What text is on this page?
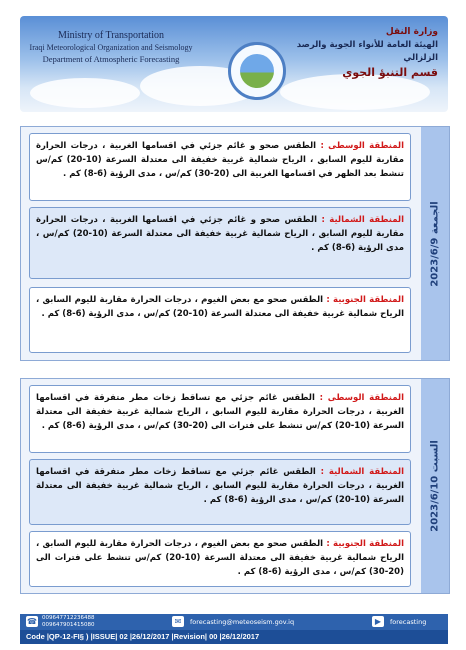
Ministry of Transportation
Iraqi Meteorological Organization and Seismology
Department of Atmospheric Forecasting
وزارة النقل
الهيئة العامة للأنواء الجوية والرصد الزلزالي
قسم التنبؤ الجوي
المنطقة الوسطى : الطقس صحو و غائم جزئي في اقسامها الغربية ، درجات الحرارة مقاربة لليوم السابق ، الرياح شمالية غربية خفيفة الى معتدلة السرعة (10-20) كم/س تنشط بعد الظهر في اقسامها الغربية الى (20-30) كم/س ، مدى الرؤية (6-8) كم .
المنطقة الشمالية : الطقس صحو و غائم جزئي في اقسامها الغربية ، درجات الحرارة مقاربة لليوم السابق ، الرياح شمالية غربية خفيفة الى معتدلة السرعة (10-20) كم/س ، مدى الرؤية (6-8) كم .
المنطقة الجنوبية : الطقس صحو مع بعض الغيوم ، درجات الحرارة مقاربة لليوم السابق ، الرياح شمالية غربية خفيفة الى معتدلة السرعة (10-20) كم/س ، مدى الرؤية (6-8) كم .
الجمعة 2023/6/9
المنطقة الوسطى : الطقس غائم جزئي مع تساقط زخات مطر متفرقة في اقسامها الغربية ، درجات الحرارة مقاربة لليوم السابق ، الرياح شمالية غربية خفيفة الى معتدلة السرعة (10-20) كم/س تنشط على فترات الى (20-30) كم/س ، مدى الرؤية (6-8) كم .
المنطقة الشمالية : الطقس غائم جزئي مع تساقط زخات مطر متفرقة في اقسامها الغربية ، درجات الحرارة مقاربة لليوم السابق ، الرياح شمالية غربية خفيفة الى معتدلة السرعة (10-20) كم/س ، مدى الرؤية (6-8) كم .
المنطقة الجنوبية : الطقس صحو مع بعض الغيوم ، درجات الحرارة مقاربة لليوم السابق ، الرياح شمالية غربية خفيفة الى معتدلة السرعة (10-20) كم/س تنشط على فترات الى (20-30) كم/س ، مدى الرؤية (6-8) كم .
السبت 2023/6/10
☎ 009647712236488
009647901415080	✉	forecasting@meteoseism.gov.iq	▶	forecasting
Code |QP-12-FI§ ) |ISSUE| 02 |26/12/2017 |Revision| 00 |26/12/2017
